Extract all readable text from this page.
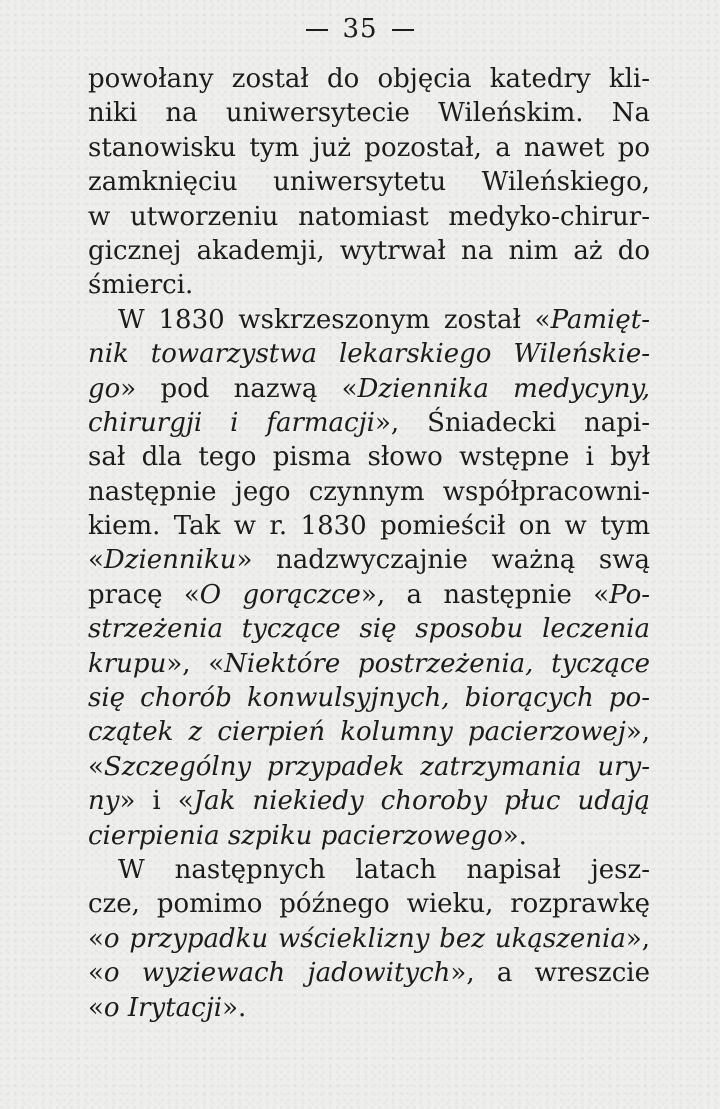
35
powołany został do objęcia katedry kli-
niki na uniwersytecie Wileńskim. Na
stanowisku tym już pozostał, a nawet po
zamknięciu uniwersytetu Wileńskiego,
w utworzeniu natomiast medyko-chirur-
gicznej akademji, wytrwał na nim aż do
śmierci.
W 1830 wskrzeszonym został «Pamięt-
nik towarzystwa lekarskiego Wileńskie-
go» pod nazwą «Dziennika medycyny,
chirurgji i farmacji», Śniadecki napi-
sał dla tego pisma słowo wstępne i był
następnie jego czynnym współpracowni-
kiem. Tak w r. 1830 pomieścił on w tym
«Dzienniku» nadzwyczajnie ważną swą
pracę «O gorączce», a następnie «Po-
strzeżenia tyczące się sposobu leczenia
krupu», «Niektóre postrzeżenia, tyczące
się chorób konwulsyjnych, biorących po-
czątek z cierpień kolumny pacierzowej»,
«Szczególny przypadek zatrzymania ury-
ny» i «Jak niekiedy choroby płuc udają
cierpienia szpiku pacierzowego».
W następnych latach napisał jesz-
cze, pomimo późnego wieku, rozprawkę
«o przypadku wścieklizny bez ukąszenia»,
«o wyziewach jadowitych», a wreszcie
«o Irytacji».
